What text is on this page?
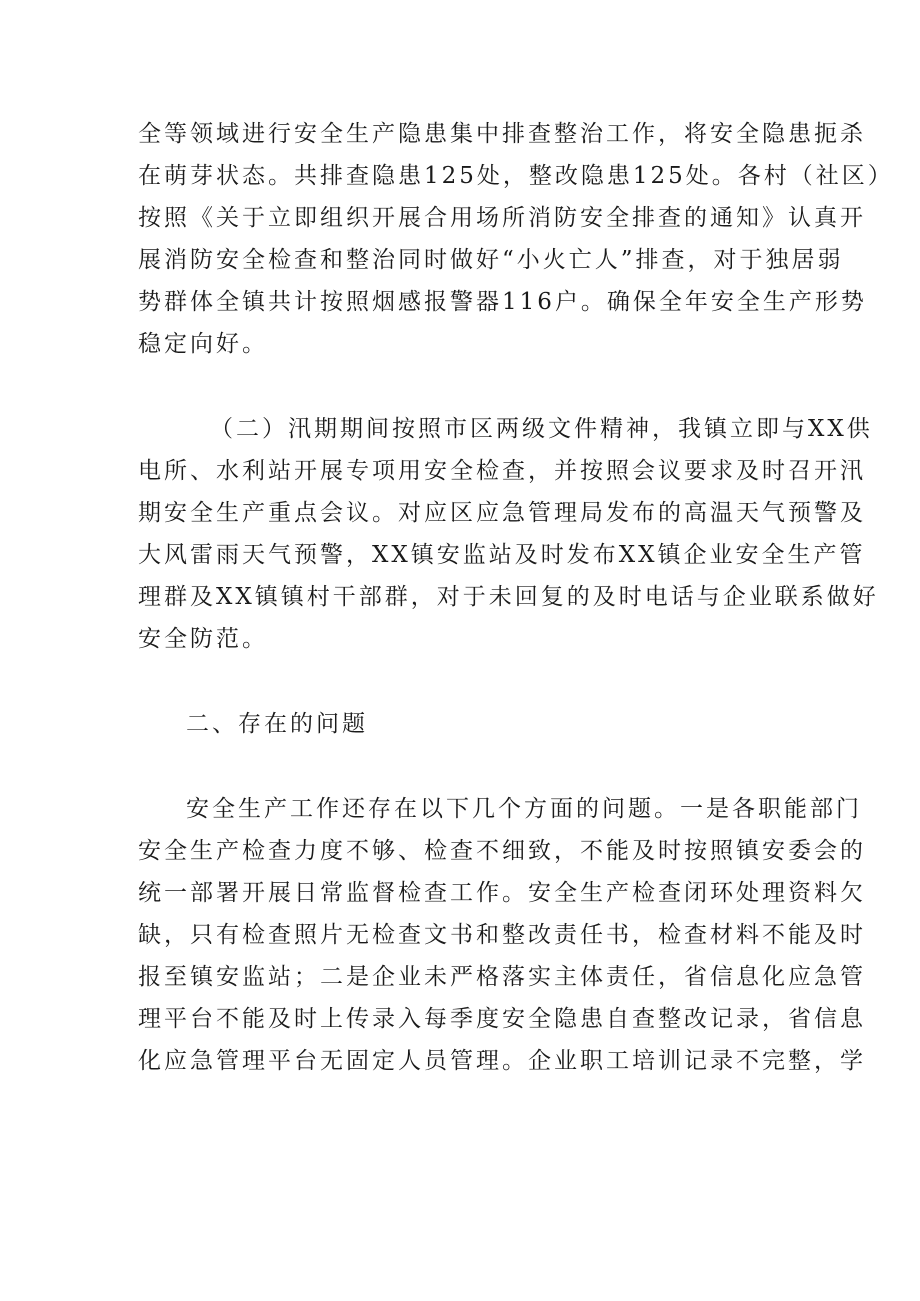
全等领域进行安全生产隐患集中排查整治工作，将安全隐患扼杀
在萌芽状态。共排查隐患125处，整改隐患125处。各村（社区）
按照《关于立即组织开展合用场所消防安全排查的通知》认真开
展消防安全检查和整治同时做好“小火亡人”排查，对于独居弱
势群体全镇共计按照烟感报警器116户。确保全年安全生产形势
稳定向好。
（二）汛期期间按照市区两级文件精神，我镇立即与XX供
电所、水利站开展专项用安全检查，并按照会议要求及时召开汛
期安全生产重点会议。对应区应急管理局发布的高温天气预警及
大风雷雨天气预警，XX镇安监站及时发布XX镇企业安全生产管
理群及XX镇镇村干部群，对于未回复的及时电话与企业联系做好
安全防范。
二、存在的问题
安全生产工作还存在以下几个方面的问题。一是各职能部门
安全生产检查力度不够、检查不细致，不能及时按照镇安委会的
统一部署开展日常监督检查工作。安全生产检查闭环处理资料欠
缺，只有检查照片无检查文书和整改责任书，检查材料不能及时
报至镇安监站；二是企业未严格落实主体责任，省信息化应急管
理平台不能及时上传录入每季度安全隐患自查整改记录，省信息
化应急管理平台无固定人员管理。企业职工培训记录不完整，学
